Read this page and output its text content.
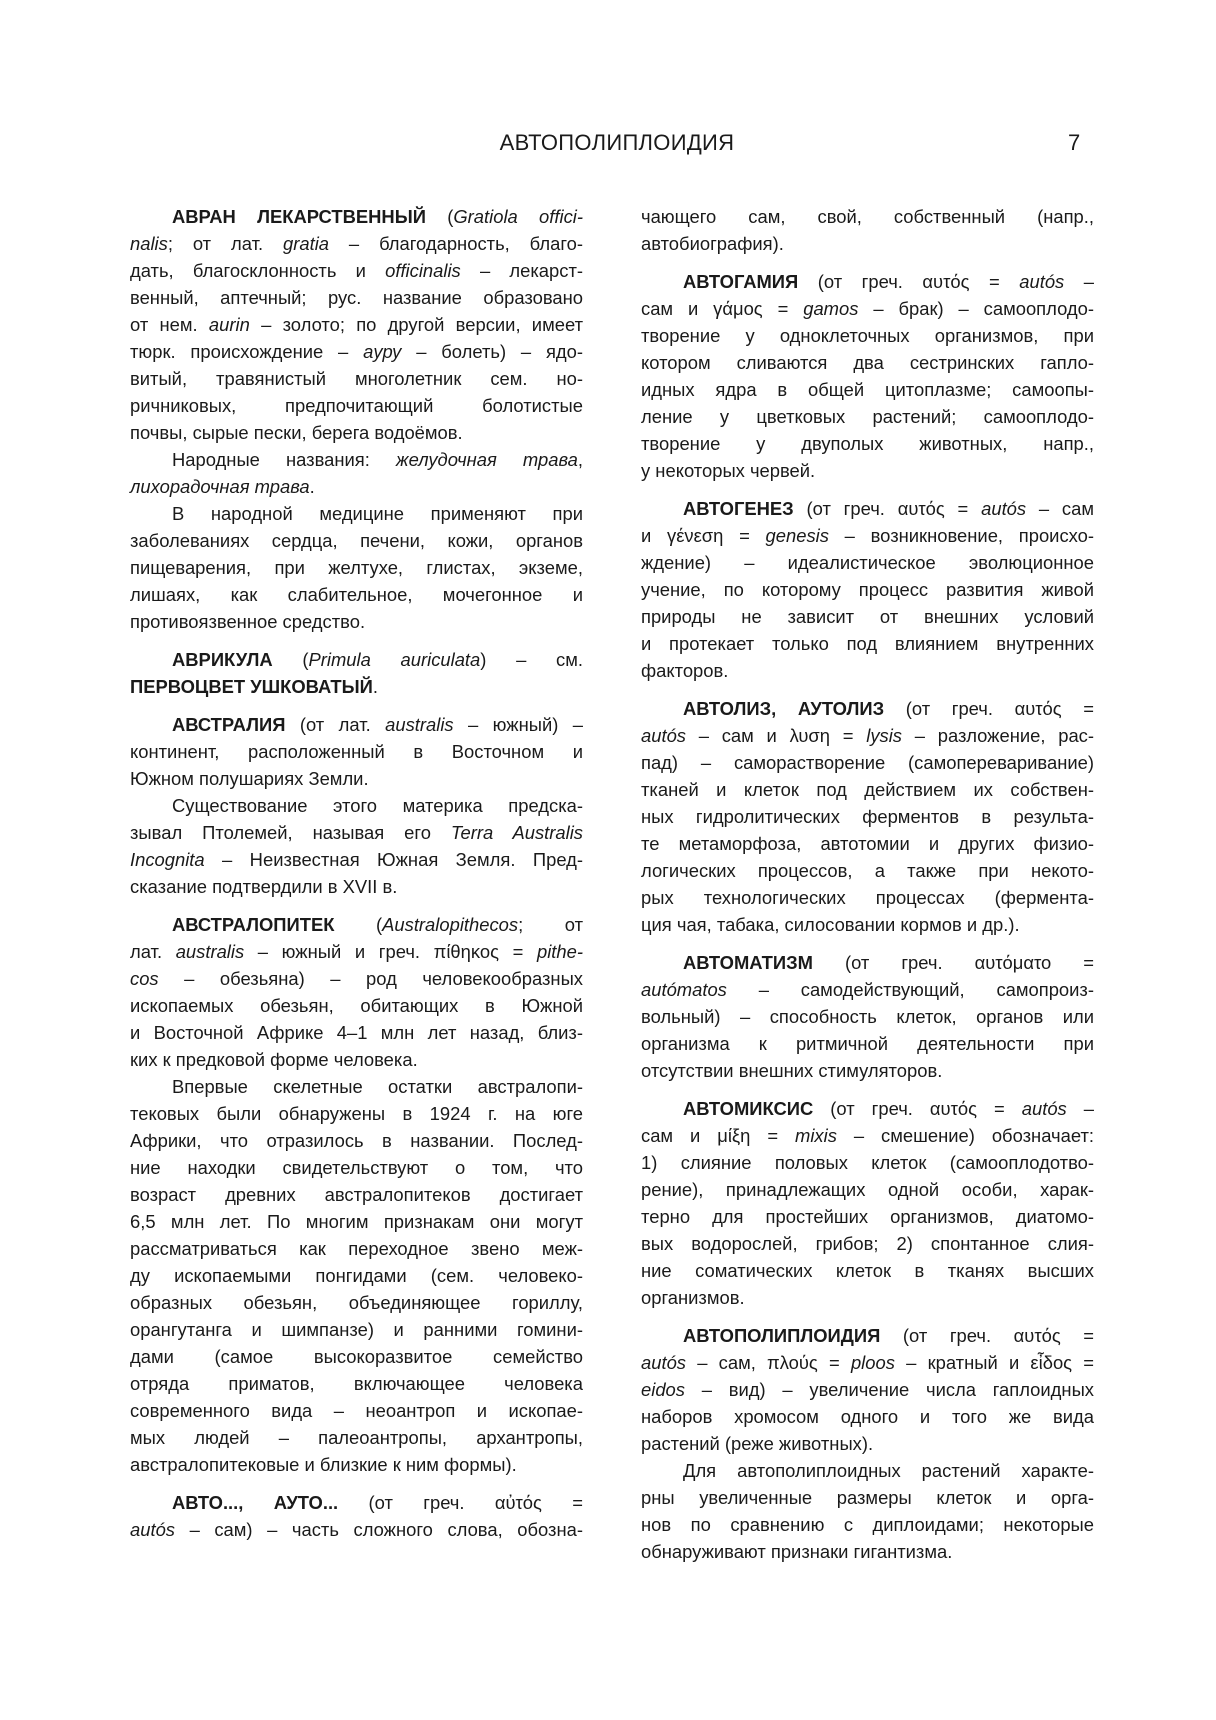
АВТОПОЛИПЛОИДИЯ	7
АВРАН ЛЕКАРСТВЕННЫЙ (Gratiola offici-
nalis; от лат. gratia – благодарность, благо-
дать, благосклонность и officinalis – лекарст-
венный, аптечный; рус. название образовано
от нем. aurin – золото; по другой версии, имеет
тюрк. происхождение – аyру – болеть) – ядо-
витый, травянистый многолетник сем. но-
ричниковых, предпочитающий болотистые
почвы, сырые пески, берега водоёмов.
Народные названия: желудочная трава,
лихорадочная трава.
В народной медицине применяют при
заболеваниях сердца, печени, кожи, органов
пищеварения, при желтухе, глистах, экземе,
лишаях, как слабительное, мочегонное и
противоязвенное средство.
АВРИКУЛА (Primula auriculata) – см.
ПЕРВОЦВЕТ УШКОВАТЫЙ.
АВСТРАЛИЯ (от лат. australis – южный) –
континент, расположенный в Восточном и
Южном полушариях Земли.
Существование этого материка предска-
зывал Птолемей, называя его Terra Australis
Incognita – Неизвестная Южная Земля. Пред-
сказание подтвердили в XVII в.
АВСТРАЛОПИТЕК (Australopithecos; от
лат. australis – южный и греч. πίθηκος = pithe-
cos – обезьяна) – род человекообразных
ископаемых обезьян, обитающих в Южной
и Восточной Африке 4–1 млн лет назад, близ-
ких к предковой форме человека.
Впервые скелетные остатки австралопи-
тековых были обнаружены в 1924 г. на юге
Африки, что отразилось в названии. Послед-
ние находки свидетельствуют о том, что
возраст древних австралопитеков достигает
6,5 млн лет. По многим признакам они могут
рассматриваться как переходное звено меж-
ду ископаемыми понгидами (сем. человеко-
образных обезьян, объединяющее гориллу,
орангутанга и шимпанзе) и ранними гомини-
дами (самое высокоразвитое семейство
отряда приматов, включающее человека
современного вида – неоантроп и ископае-
мых людей – палеоантропы, архантропы,
австралопитековые и близкие к ним формы).
АВТО..., АУТО... (от греч. αὐτός =
autós – сам) – часть сложного слова, обозна-
чающего сам, свой, собственный (напр.,
автобиография).
АВТОГАМИЯ (от греч. αυτός = autós –
сам и γάμος = gamos – брак) – самооплодо-
творение у одноклеточных организмов, при
котором сливаются два сестринских гапло-
идных ядра в общей цитоплазме; самоопы-
ление у цветковых растений; самооплодо-
творение у двуполых животных, напр.,
у некоторых червей.
АВТОГЕНЕЗ (от греч. αυτός = autós – сам
и γένεση = genesis – возникновение, происхо-
ждение) – идеалистическое эволюционное
учение, по которому процесс развития живой
природы не зависит от внешних условий
и протекает только под влиянием внутренних
факторов.
АВТОЛИЗ, АУТОЛИЗ (от греч. αυτός =
autós – сам и λυση = lysis – разложение, рас-
пад) – саморастворение (самопереваривание)
тканей и клеток под действием их собствен-
ных гидролитических ферментов в результа-
те метаморфоза, автотомии и других физио-
логических процессов, а также при некото-
рых технологических процессах (фермента-
ция чая, табака, силосовании кормов и др.).
АВТОМАТИЗМ (от греч. αυτόματο =
autómatos – самодействующий, самопроиз-
вольный) – способность клеток, органов или
организма к ритмичной деятельности при
отсутствии внешних стимуляторов.
АВТОМИКСИС (от греч. αυτός = autós –
сам и μίξη = mixis – смешение) обозначает:
1) слияние половых клеток (самооплодотво-
рение), принадлежащих одной особи, харак-
терно для простейших организмов, диатомо-
вых водорослей, грибов; 2) спонтанное слия-
ние соматических клеток в тканях высших
организмов.
АВТОПОЛИПЛОИДИЯ (от греч. αυτός =
autós – сам, πλούς = ploos – кратный и εἶδος =
eidos – вид) – увеличение числа гаплоидных
наборов хромосом одного и того же вида
растений (реже животных).
Для автополиплоидных растений характе-
рны увеличенные размеры клеток и орга-
нов по сравнению с диплоидами; некоторые
обнаруживают признаки гигантизма.
